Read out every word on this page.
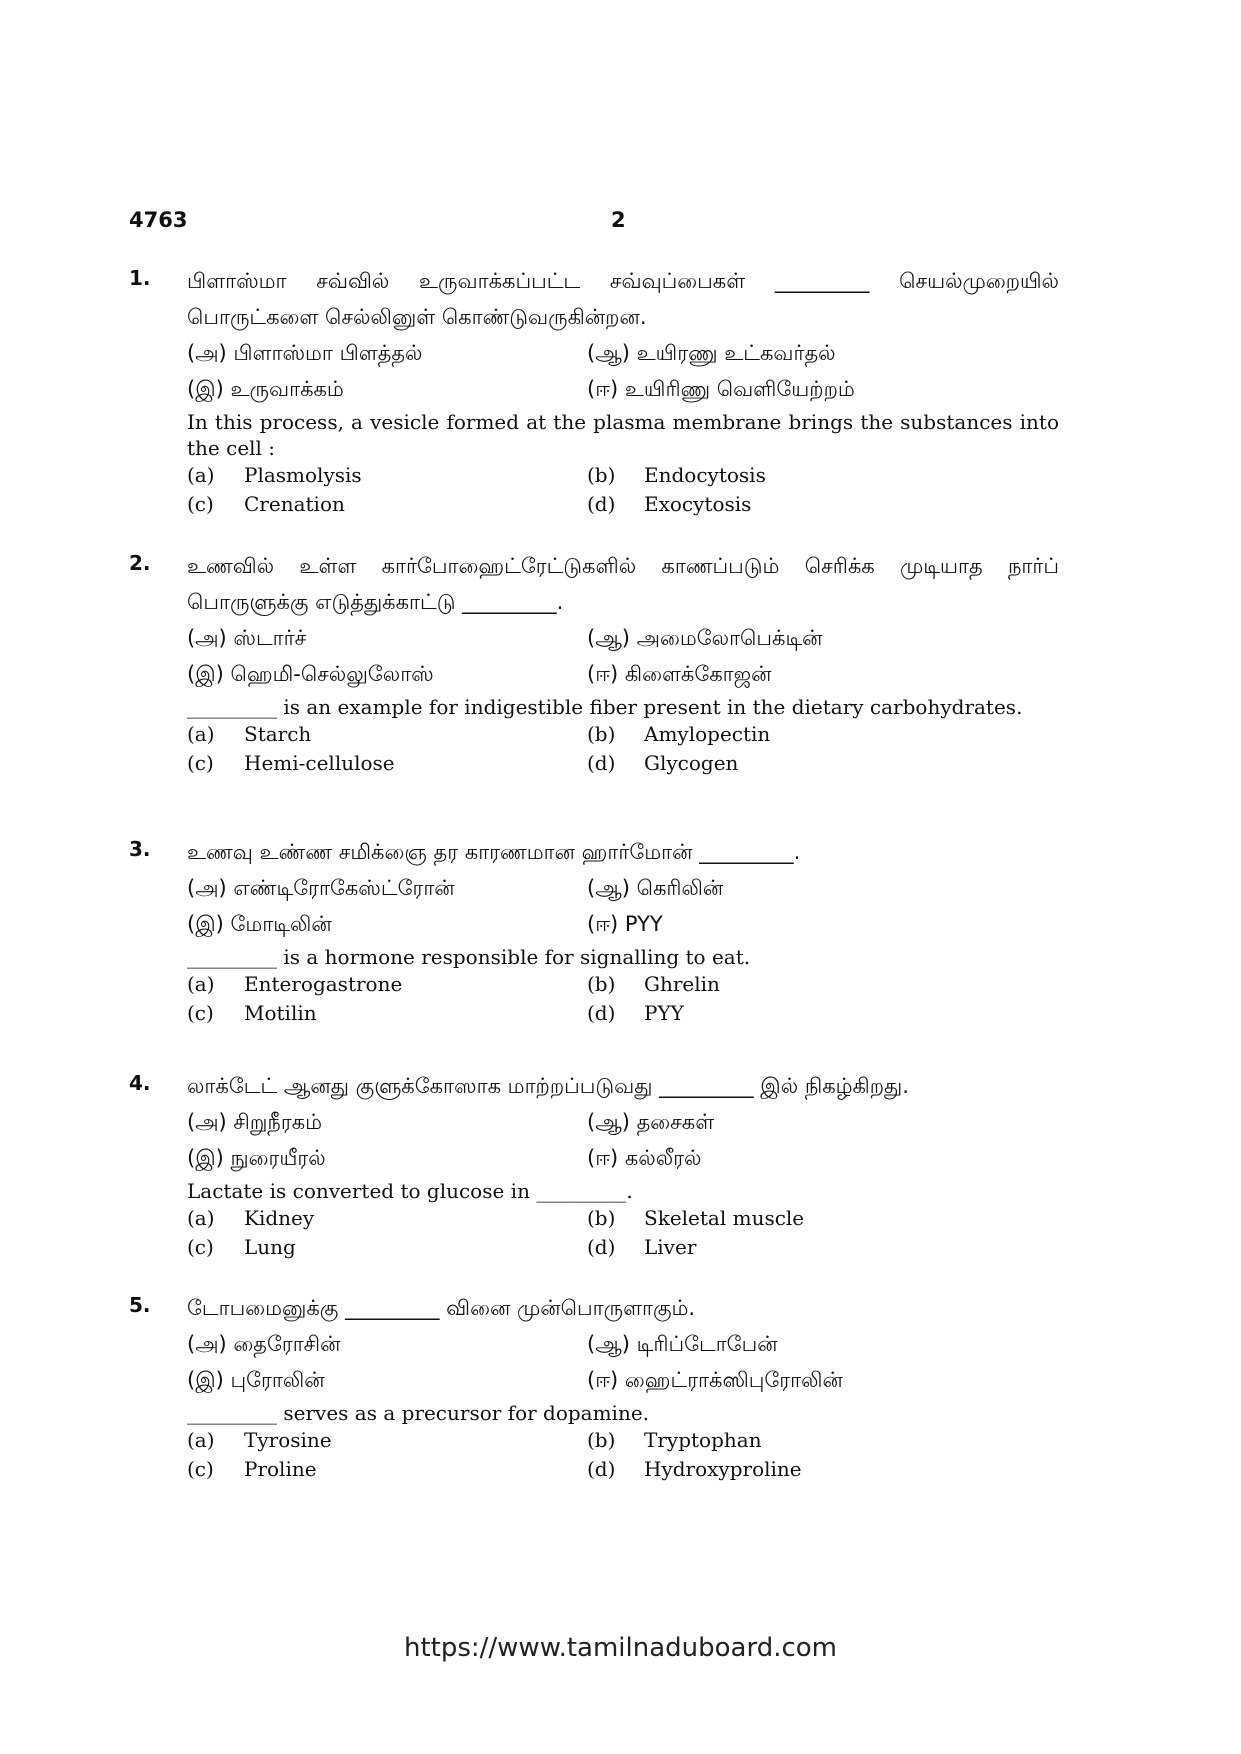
4763	2
1. பிளாஸ்மா சவ்வில் உருவாக்கப்பட்ட சவ்வுப்பைகள் _________ செயல்முறையில் பொருட்களை செல்லினுள் கொண்டுவருகின்றன.
(அ) பிளாஸ்மா பிளத்தல்	(ஆ) உயிரணு உட்கவர்தல்
(இ) உருவாக்கம்	(ஈ) உயிரிணு வெளியேற்றம்
In this process, a vesicle formed at the plasma membrane brings the substances into the cell :
(a) Plasmolysis	(b) Endocytosis
(c) Crenation	(d) Exocytosis
2. உணவில் உள்ள கார்போஹைட்ரேட்டுகளில் காணப்படும் செரிக்க முடியாத நார்ப் பொருளுக்கு எடுத்துக்காட்டு _________.
(அ) ஸ்டார்ச்	(ஆ) அமைலோபெக்டின்
(இ) ஹெமி-செல்லுலோஸ்	(ஈ) கிளைக்கோஜன்
_________ is an example for indigestible fiber present in the dietary carbohydrates.
(a) Starch	(b) Amylopectin
(c) Hemi-cellulose	(d) Glycogen
3. உணவு உண்ண சமிக்ஞை தர காரணமான ஹார்மோன் _________.
(அ) எண்டிரோகேஸ்ட்ரோன்	(ஆ) கெரிலின்
(இ) மோடிலின்	(ஈ) PYY
_________ is a hormone responsible for signalling to eat.
(a) Enterogastrone	(b) Ghrelin
(c) Motilin	(d) PYY
4. லாக்டேட் ஆனது குளுக்கோஸாக மாற்றப்படுவது _________ இல் நிகழ்கிறது.
(அ) சிறுநீரகம்	(ஆ) தசைகள்
(இ) நுரையீரல்	(ஈ) கல்லீரல்
Lactate is converted to glucose in _________.
(a) Kidney	(b) Skeletal muscle
(c) Lung	(d) Liver
5. டோபமைனுக்கு _________ வினை முன்பொருளாகும்.
(அ) தைரோசின்	(ஆ) டிரிப்டோபேன்
(இ) புரோலின்	(ஈ) ஹைட்ராக்ஸிபுரோலின்
_________ serves as a precursor for dopamine.
(a) Tyrosine	(b) Tryptophan
(c) Proline	(d) Hydroxyproline
https://www.tamilnaduboard.com
